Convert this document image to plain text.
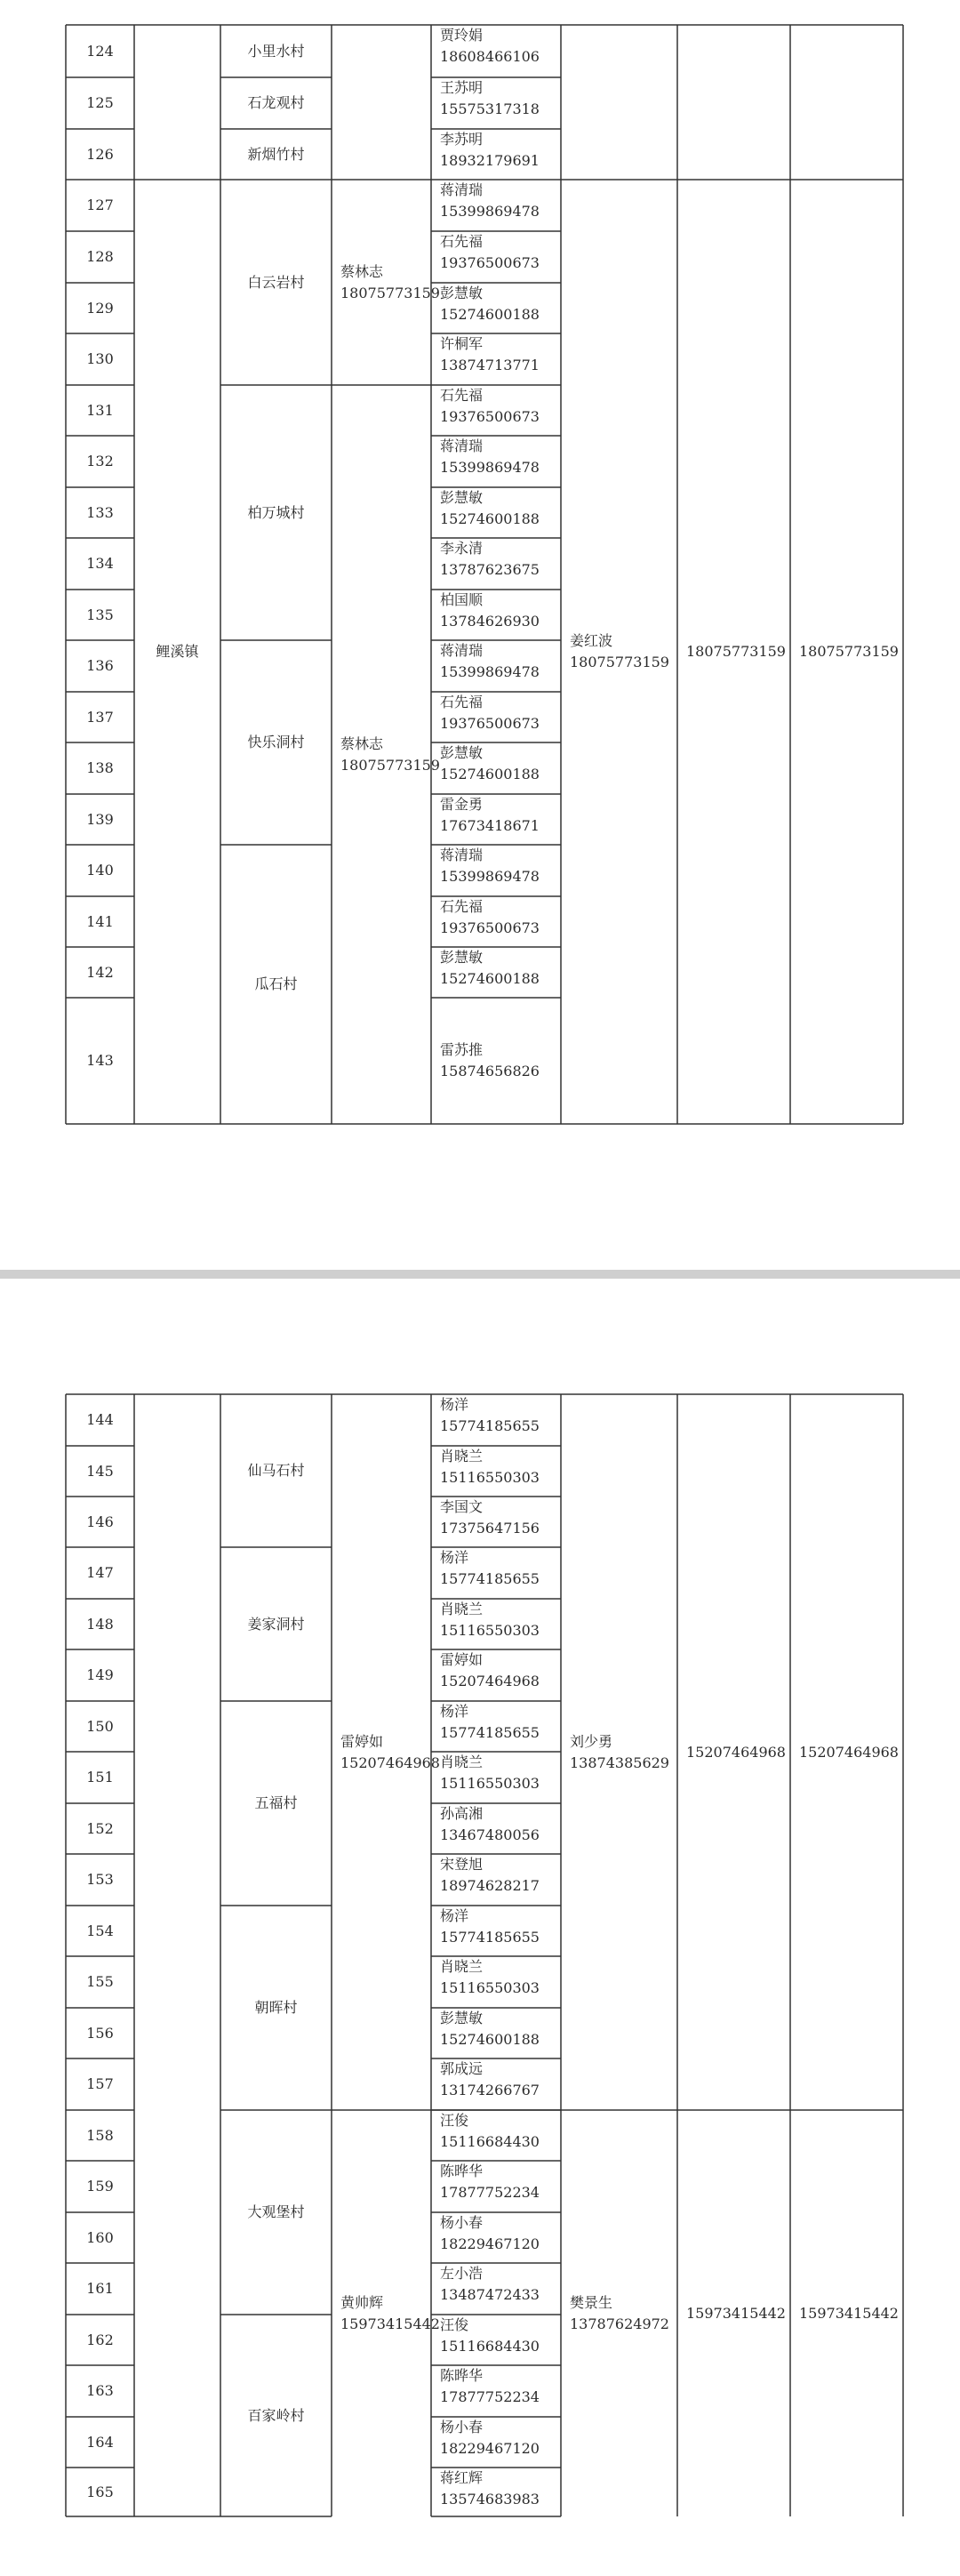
124
125
126
127
128
129
130
131
132
133
134
135
136
137
138
139
140
141
142
143
贾玲娟
18608466106
王苏明
15575317318
李苏明
18932179691
蒋清瑞
15399869478
石先福
19376500673
彭慧敏
15274600188
许桐军
13874713771
石先福
19376500673
蒋清瑞
15399869478
彭慧敏
15274600188
李永清
13787623675
柏国顺
13784626930
蒋清瑞
15399869478
石先福
19376500673
彭慧敏
15274600188
雷金勇
17673418671
蒋清瑞
15399869478
石先福
19376500673
彭慧敏
15274600188
雷苏推
15874656826
小里水村
石龙观村
新烟竹村
鲤溪镇
白云岩村
柏万城村
快乐洞村
瓜石村
蔡林志
18075773159
蔡林志
18075773159
姜红波
18075773159
18075773159 18075773159
144
145
146
147
148
149
150
151
152
153
154
155
156
157
158
159
160
161
162
163
164
165
杨洋
15774185655
肖晓兰
15116550303
李国文
17375647156
杨洋
15774185655
肖晓兰
15116550303
雷婷如
15207464968
杨洋
15774185655
肖晓兰
15116550303
孙高湘
13467480056
宋登旭
18974628217
杨洋
15774185655
肖晓兰
15116550303
彭慧敏
15274600188
郭成远
13174266767
汪俊
15116684430
陈晔华
17877752234
杨小春
18229467120
左小浩
13487472433
汪俊
15116684430
陈晔华
17877752234
杨小春
18229467120
蒋红辉
13574683983
仙马石村
姜家洞村
五福村
朝晖村
大观堡村
百家岭村
雷婷如
15207464968
黄帅辉
15973415442
刘少勇
13874385629
樊景生
13787624972
15207464968 15207464968
15973415442 15973415442
